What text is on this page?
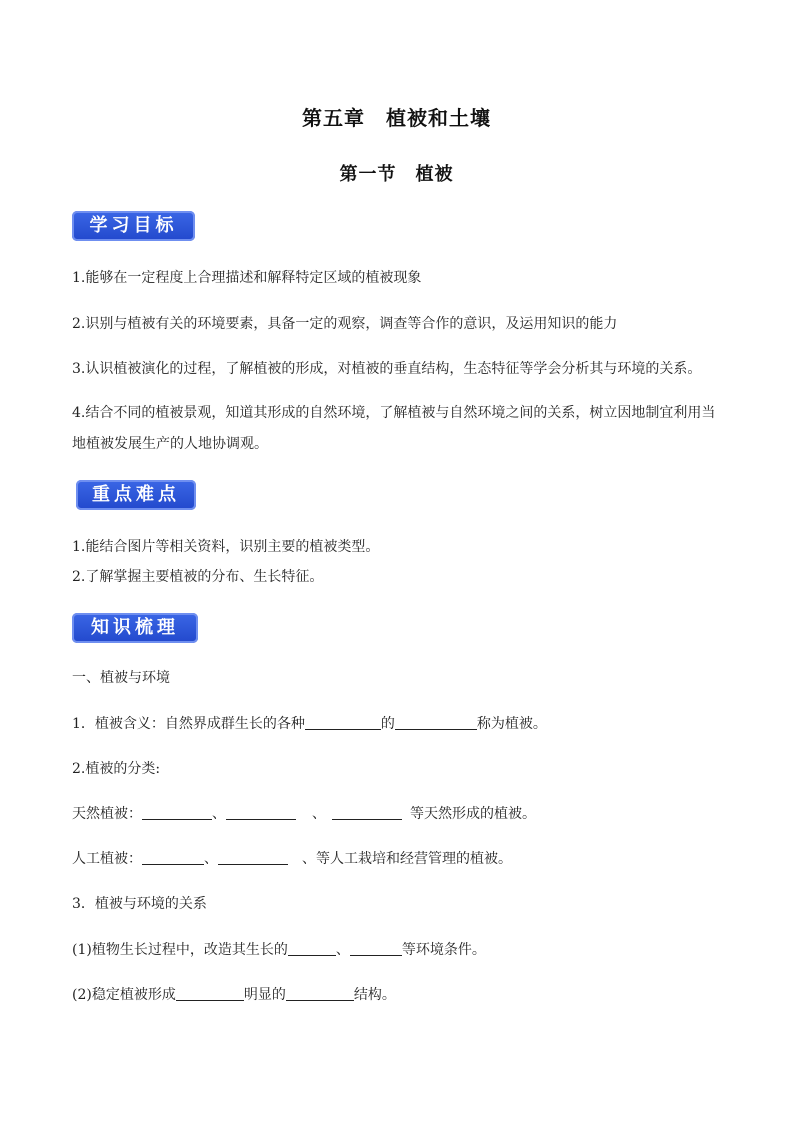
第五章　植被和土壤
第一节　植被
学习目标
1.能够在一定程度上合理描述和解释特定区域的植被现象
2.识别与植被有关的环境要素，具备一定的观察，调查等合作的意识，及运用知识的能力
3.认识植被演化的过程，了解植被的形成，对植被的垂直结构，生态特征等学会分析其与环境的关系。
4.结合不同的植被景观，知道其形成的自然环境，了解植被与自然环境之间的关系，树立因地制宜利用当地植被发展生产的人地协调观。
重点难点
1.能结合图片等相关资料，识别主要的植被类型。
2.了解掌握主要植被的分布、生长特征。
知识梳理
一、植被与环境
1．植被含义：自然界成群生长的各种	的	称为植被。
2.植被的分类:
天然植被：	、	、	等天然形成的植被。
人工植被：	、	、等人工栽培和经营管理的植被。
3．植被与环境的关系
(1)植物生长过程中，改造其生长的	、	等环境条件。
(2)稳定植被形成	明显的	结构。
